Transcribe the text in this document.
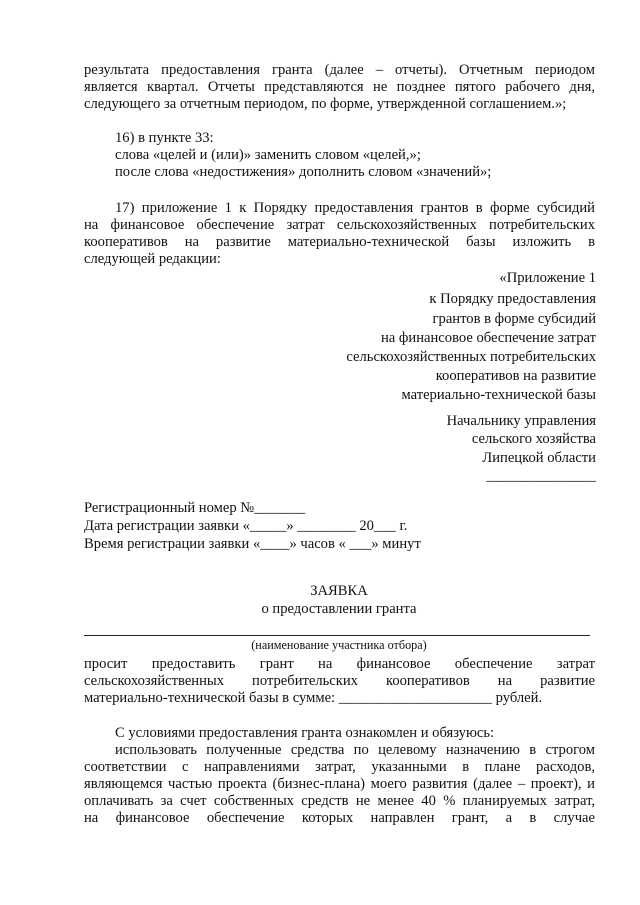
результата предоставления гранта (далее – отчеты). Отчетным периодом
является квартал. Отчеты представляются не позднее пятого рабочего дня,
следующего за отчетным периодом, по форме, утвержденной соглашением.»;
16) в пункте 33:
слова «целей и (или)» заменить словом «целей,»;
после слова «недостижения» дополнить словом «значений»;
17) приложение 1 к Порядку предоставления грантов в форме субсидий
на финансовое обеспечение затрат сельскохозяйственных потребительских
кооперативов на развитие материально-технической базы изложить в
следующей редакции:
«Приложение 1
к Порядку предоставления
грантов в форме субсидий
на финансовое обеспечение затрат
сельскохозяйственных потребительских
кооперативов на развитие
материально-технической базы
Начальнику управления
сельского хозяйства
Липецкой области
_______________
Регистрационный номер №_______
Дата регистрации заявки «_____» ________ 20___ г.
Время регистрации заявки «____» часов « ___» минут
ЗАЯВКА
о предоставлении гранта
(наименование участника отбора)
просит предоставить грант на финансовое обеспечение затрат
сельскохозяйственных потребительских кооперативов на развитие
материально-технической базы в сумме: _____________________ рублей.
С условиями предоставления гранта ознакомлен и обязуюсь:
использовать полученные средства по целевому назначению в строгом
соответствии с направлениями затрат, указанными в плане расходов,
являющемся частью проекта (бизнес-плана) моего развития (далее – проект), и
оплачивать за счет собственных средств не менее 40 % планируемых затрат,
на финансовое обеспечение которых направлен грант, а в случае
